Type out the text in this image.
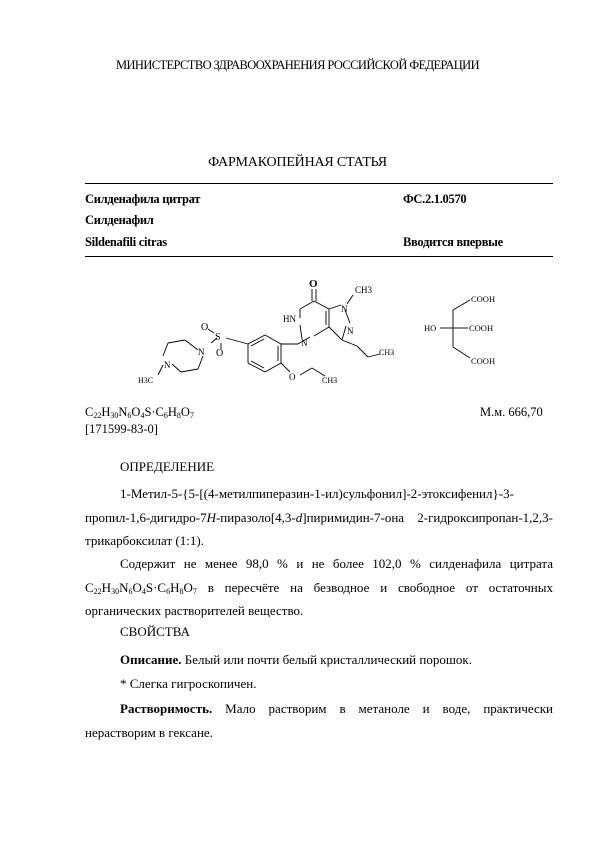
МИНИСТЕРСТВО ЗДРАВООХРАНЕНИЯ РОССИЙСКОЙ ФЕДЕРАЦИИ
ФАРМАКОПЕЙНАЯ СТАТЬЯ
Силденафила цитрат	ФС.2.1.0570
Силденафил
Sildenafili citras	Вводится впервые
O	CH3
HN
N
N
N
O
S
O
N
N
H3C	O	CH3
CH3
COOH
HO	COOH
COOH
$C_{22}H_{30}N_6O_4S\cdot C_6H_8O_7$	М.м. 666,70
[171599-83-0]
ОПРЕДЕЛЕНИЕ
1-Метил-5-{5-[(4-метилпиперазин-1-ил)сульфонил]-2-этоксифенил}-3-пропил-1,6-дигидро-7H-пиразоло[4,3-d]пиримидин-7-она 2-гидроксипропан-1,2,3-трикарбоксилат (1:1).
Содержит не менее 98,0 % и не более 102,0 % силденафила цитрата $C_{22}H_{30}N_6O_4S\cdot C_6H_8O_7$ в пересчёте на безводное и свободное от остаточных органических растворителей вещество.
СВОЙСТВА
Описание. Белый или почти белый кристаллический порошок.
* Слегка гигроскопичен.
Растворимость. Мало растворим в метаноле и воде, практически нерастворим в гексане.
